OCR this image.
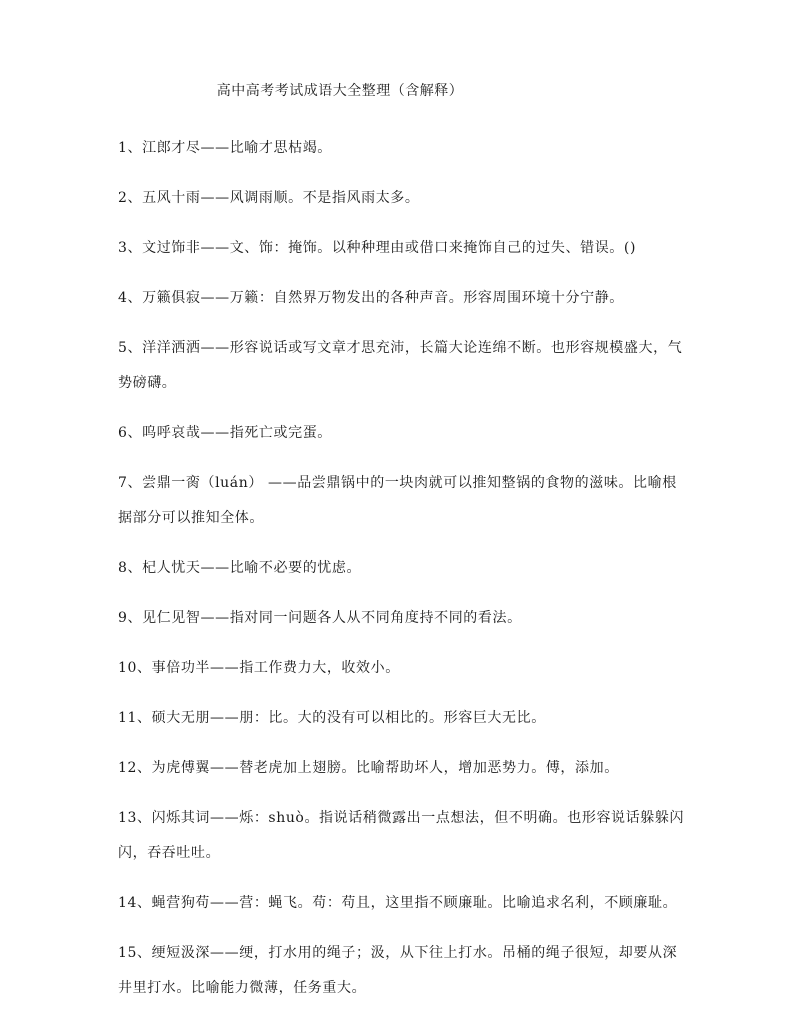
高中高考考试成语大全整理（含解释）
1、江郎才尽——比喻才思枯竭。
2、五风十雨——风调雨顺。不是指风雨太多。
3、文过饰非——文、饰：掩饰。以种种理由或借口来掩饰自己的过失、错误。()
4、万籁俱寂——万籁：自然界万物发出的各种声音。形容周围环境十分宁静。
5、洋洋洒洒——形容说话或写文章才思充沛，长篇大论连绵不断。也形容规模盛大，气势磅礴。
6、呜呼哀哉——指死亡或完蛋。
7、尝鼎一脔（luán） ——品尝鼎锅中的一块肉就可以推知整锅的食物的滋味。比喻根据部分可以推知全体。
8、杞人忧天——比喻不必要的忧虑。
9、见仁见智——指对同一问题各人从不同角度持不同的看法。
10、事倍功半——指工作费力大，收效小。
11、硕大无朋——朋：比。大的没有可以相比的。形容巨大无比。
12、为虎傅翼——替老虎加上翅膀。比喻帮助坏人，增加恶势力。傅，添加。
13、闪烁其词——烁：shuò。指说话稍微露出一点想法，但不明确。也形容说话躲躲闪闪，吞吞吐吐。
14、蝇营狗苟——营：蝇飞。苟：苟且，这里指不顾廉耻。比喻追求名利，不顾廉耻。
15、绠短汲深——绠，打水用的绳子；汲，从下往上打水。吊桶的绳子很短，却要从深井里打水。比喻能力微薄，任务重大。
